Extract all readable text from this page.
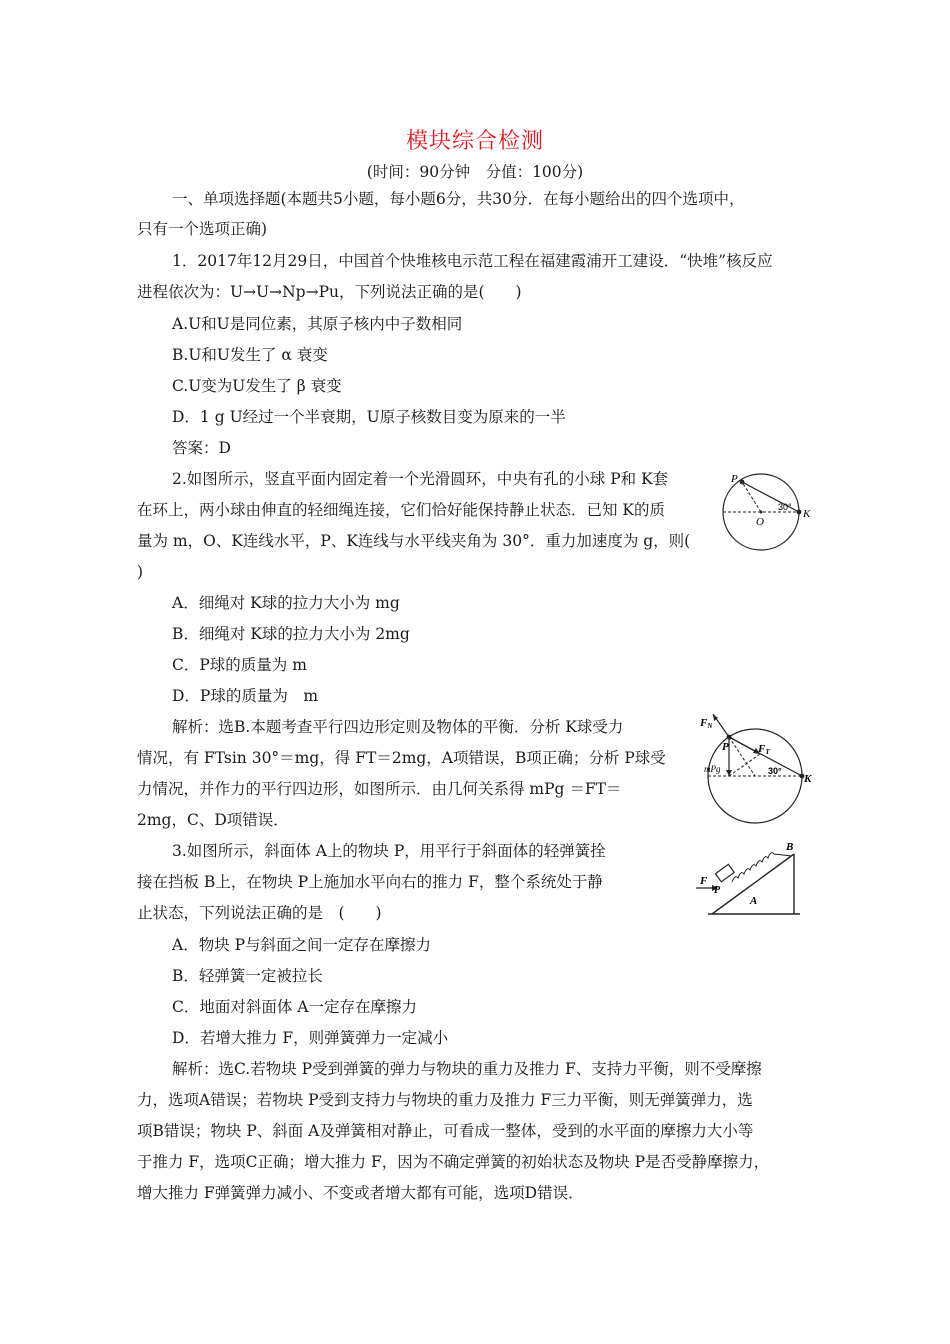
模块综合检测
(时间：90分钟　分值：100分)
一、单项选择题(本题共5小题，每小题6分，共30分．在每小题给出的四个选项中，
只有一个选项正确)
1．2017年12月29日，中国首个快堆核电示范工程在福建霞浦开工建设．“快堆”核反应
进程依次为：U→U→Np→Pu，下列说法正确的是(　　)
A.U和U是同位素，其原子核内中子数相同
B.U和U发生了 α 衰变
C.U变为U发生了 β 衰变
D．1 g U经过一个半衰期，U原子核数目变为原来的一半
答案：D
2.如图所示，竖直平面内固定着一个光滑圆环，中央有孔的小球 P和 K套
在环上，两小球由伸直的轻细绳连接，它们恰好能保持静止状态．已知 K的质
量为 m，O、K连线水平，P、K连线与水平线夹角为 30°．重力加速度为 g，则(
)
A．细绳对 K球的拉力大小为 mg
B．细绳对 K球的拉力大小为 2mg
C．P球的质量为 m
D．P球的质量为　m
解析：选B.本题考查平行四边形定则及物体的平衡．分析 K球受力
情况，有 FTsin 30°＝mg，得 FT＝2mg，A项错误，B项正确；分析 P球受
力情况，并作力的平行四边形，如图所示．由几何关系得 mPg ＝FT＝
2mg，C、D项错误．
3.如图所示，斜面体 A上的物块 P，用平行于斜面体的轻弹簧拴
接在挡板 B上，在物块 P上施加水平向右的推力 F，整个系统处于静
止状态，下列说法正确的是　(　　)
A．物块 P与斜面之间一定存在摩擦力
B．轻弹簧一定被拉长
C．地面对斜面体 A一定存在摩擦力
D．若增大推力 F，则弹簧弹力一定减小
解析：选C.若物块 P受到弹簧的弹力与物块的重力及推力 F、支持力平衡，则不受摩擦
力，选项A错误；若物块 P受到支持力与物块的重力及推力 F三力平衡，则无弹簧弹力，选
项B错误；物块 P、斜面 A及弹簧相对静止，可看成一整体，受到的水平面的摩擦力大小等
于推力 F，选项C正确；增大推力 F，因为不确定弹簧的初始状态及物块 P是否受静摩擦力，
增大推力 F弹簧弹力减小、不变或者增大都有可能，选项D错误．
P
K
O
30°
FN
P	FT
mPg	30°
K
F
P
A
B
